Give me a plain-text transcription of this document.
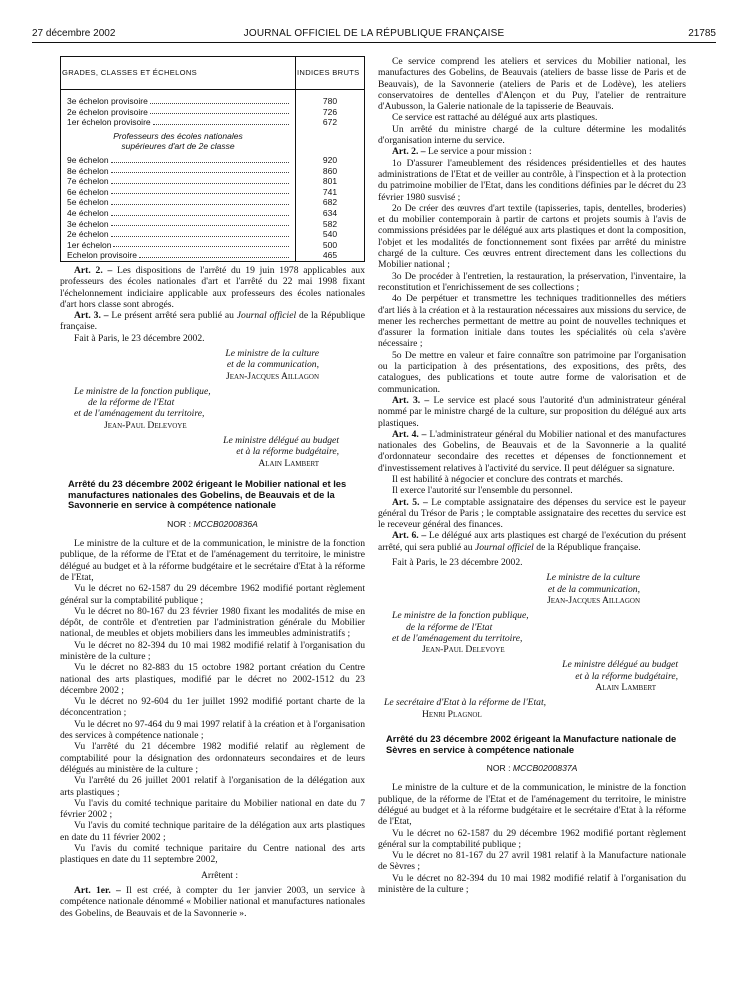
27 décembre 2002	JOURNAL OFFICIEL DE LA RÉPUBLIQUE FRANÇAISE	21785
GRADES, CLASSES ET ÉCHELONS	INDICES BRUTS

3e échelon provisoire	780

2e échelon provisoire	726

1er échelon provisoire	672
Professeurs des écoles nationales	
supérieures d'art de 2e classe	

9e échelon	920

8e échelon	860

7e échelon	801

6e échelon	741

5e échelon	682

4e échelon	634

3e échelon	582

2e échelon	540

1er échelon	500

Echelon provisoire	465

Art. 2. – Les dispositions de l'arrêté du 19 juin 1978 applicables aux professeurs des écoles nationales d'art et l'arrêté du 22 mai 1998 fixant l'échelonnement indiciaire applicable aux professeurs des écoles nationales d'art hors classe sont abrogés.

Art. 3. – Le présent arrêté sera publié au Journal officiel de la République française.

Fait à Paris, le 23 décembre 2002.

Le ministre de la culture
et de la communication,
Jean-Jacques Aillagon
Le ministre de la fonction publique,
de la réforme de l'Etat
et de l'aménagement du territoire,
Jean-Paul Delevoye
Le ministre délégué au budget
et à la réforme budgétaire,
Alain Lambert
Arrêté du 23 décembre 2002 érigeant le Mobilier national et les manufactures nationales des Gobelins, de Beauvais et de la Savonnerie en service à compétence nationale
NOR : MCCB0200836A

Le ministre de la culture et de la communication, le ministre de la fonction publique, de la réforme de l'Etat et de l'aménagement du territoire, le ministre délégué au budget et à la réforme budgétaire et le secrétaire d'Etat à la réforme de l'Etat,

Vu le décret no 62-1587 du 29 décembre 1962 modifié portant règlement général sur la comptabilité publique ;

Vu le décret no 80-167 du 23 février 1980 fixant les modalités de mise en dépôt, de contrôle et d'entretien par l'administration générale du Mobilier national, de meubles et objets mobiliers dans les immeubles administratifs ;

Vu le décret no 82-394 du 10 mai 1982 modifié relatif à l'organisation du ministère de la culture ;

Vu le décret no 82-883 du 15 octobre 1982 portant création du Centre national des arts plastiques, modifié par le décret no 2002-1512 du 23 décembre 2002 ;

Vu le décret no 92-604 du 1er juillet 1992 modifié portant charte de la déconcentration ;

Vu le décret no 97-464 du 9 mai 1997 relatif à la création et à l'organisation des services à compétence nationale ;

Vu l'arrêté du 21 décembre 1982 modifié relatif au règlement de comptabilité pour la désignation des ordonnateurs secondaires et de leurs délégués au ministère de la culture ;

Vu l'arrêté du 26 juillet 2001 relatif à l'organisation de la délégation aux arts plastiques ;

Vu l'avis du comité technique paritaire du Mobilier national en date du 7 février 2002 ;

Vu l'avis du comité technique paritaire de la délégation aux arts plastiques en date du 11 février 2002 ;

Vu l'avis du comité technique paritaire du Centre national des arts plastiques en date du 11 septembre 2002,

Arrêtent :

Art. 1er. – Il est créé, à compter du 1er janvier 2003, un service à compétence nationale dénommé « Mobilier national et manufactures nationales des Gobelins, de Beauvais et de la Savonnerie ».

Ce service comprend les ateliers et services du Mobilier national, les manufactures des Gobelins, de Beauvais (ateliers de basse lisse de Paris et de Beauvais), de la Savonnerie (ateliers de Paris et de Lodève), les ateliers conservatoires de dentelles d'Alençon et du Puy, l'atelier de rentraiture d'Aubusson, la Galerie nationale de la tapisserie de Beauvais.

Ce service est rattaché au délégué aux arts plastiques.

Un arrêté du ministre chargé de la culture détermine les modalités d'organisation interne du service.

Art. 2. – Le service a pour mission :

1o D'assurer l'ameublement des résidences présidentielles et des hautes administrations de l'Etat et de veiller au contrôle, à l'inspection et à la protection du patrimoine mobilier de l'Etat, dans les conditions définies par le décret du 23 février 1980 susvisé ;

2o De créer des œuvres d'art textile (tapisseries, tapis, dentelles, broderies) et du mobilier contemporain à partir de cartons et projets soumis à l'avis de commissions présidées par le délégué aux arts plastiques et dont la composition, l'objet et les modalités de fonctionnement sont fixées par arrêté du ministre chargé de la culture. Ces œuvres entrent directement dans les collections du Mobilier national ;

3o De procéder à l'entretien, la restauration, la préservation, l'inventaire, la reconstitution et l'enrichissement de ses collections ;

4o De perpétuer et transmettre les techniques traditionnelles des métiers d'art liés à la création et à la restauration nécessaires aux missions du service, de mener les recherches permettant de mettre au point de nouvelles techniques et d'assurer la formation initiale dans toutes les spécialités où cela s'avère nécessaire ;

5o De mettre en valeur et faire connaître son patrimoine par l'organisation ou la participation à des présentations, des expositions, des prêts, des catalogues, des publications et toute autre forme de valorisation et de communication.

Art. 3. – Le service est placé sous l'autorité d'un administrateur général nommé par le ministre chargé de la culture, sur proposition du délégué aux arts plastiques.

Art. 4. – L'administrateur général du Mobilier national et des manufactures nationales des Gobelins, de Beauvais et de la Savonnerie a la qualité d'ordonnateur secondaire des recettes et dépenses de fonctionnement et d'investissement relatives à l'activité du service. Il peut déléguer sa signature.

Il est habilité à négocier et conclure des contrats et marchés.

Il exerce l'autorité sur l'ensemble du personnel.

Art. 5. – Le comptable assignataire des dépenses du service est le payeur général du Trésor de Paris ; le comptable assignataire des recettes du service est le receveur général des finances.

Art. 6. – Le délégué aux arts plastiques est chargé de l'exécution du présent arrêté, qui sera publié au Journal officiel de la République française.

Fait à Paris, le 23 décembre 2002.

Le ministre de la culture
et de la communication,
Jean-Jacques Aillagon
Le ministre de la fonction publique,
de la réforme de l'Etat
et de l'aménagement du territoire,
Jean-Paul Delevoye
Le ministre délégué au budget
et à la réforme budgétaire,
Alain Lambert
Le secrétaire d'Etat à la réforme de l'Etat,
Henri Plagnol
Arrêté du 23 décembre 2002 érigeant la Manufacture nationale de Sèvres en service à compétence nationale
NOR : MCCB0200837A

Le ministre de la culture et de la communication, le ministre de la fonction publique, de la réforme de l'Etat et de l'aménagement du territoire, le ministre délégué au budget et à la réforme budgétaire et le secrétaire d'Etat à la réforme de l'Etat,

Vu le décret no 62-1587 du 29 décembre 1962 modifié portant règlement général sur la comptabilité publique ;

Vu le décret no 81-167 du 27 avril 1981 relatif à la Manufacture nationale de Sèvres ;

Vu le décret no 82-394 du 10 mai 1982 modifié relatif à l'organisation du ministère de la culture ;
